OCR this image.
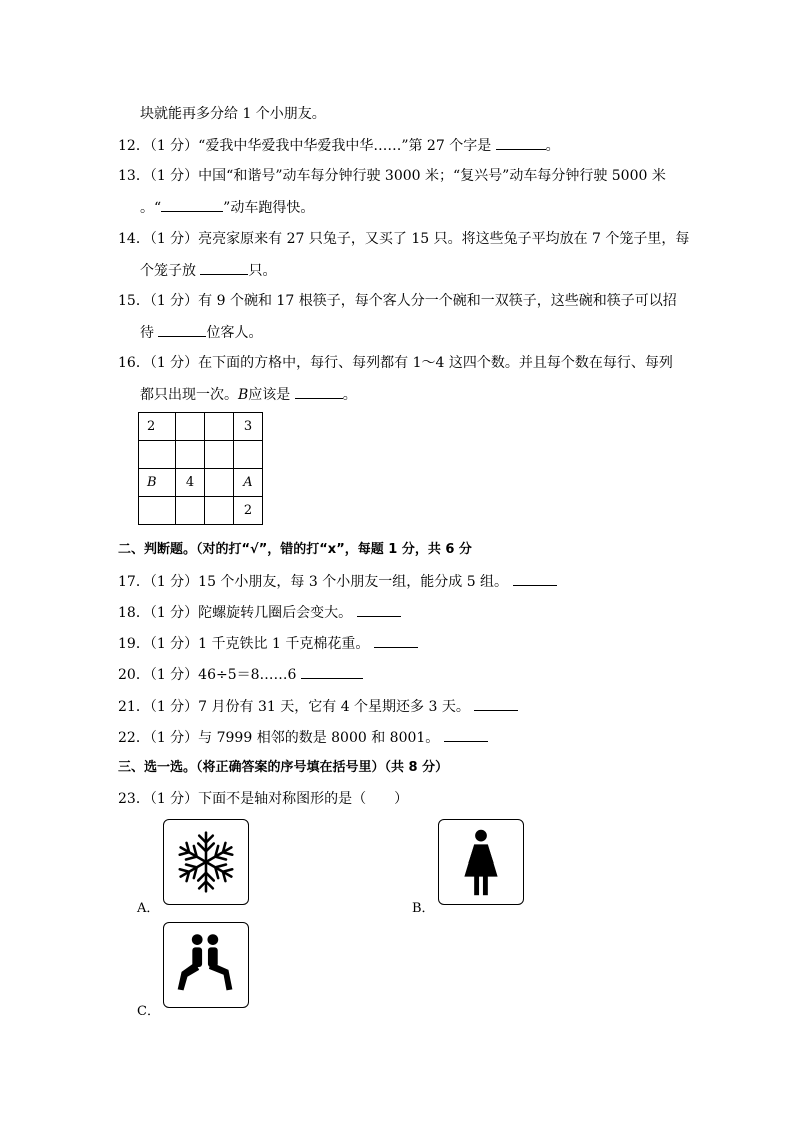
块就能再多分给 1 个小朋友。
12．（1 分）“爱我中华爱我中华爱我中华……”第 27 个字是	。
13．（1 分）中国“和谐号”动车每分钟行驶 3000 米；“复兴号”动车每分钟行驶 5000 米
。“	”动车跑得快。
14．（1 分）亮亮家原来有 27 只兔子，又买了 15 只。将这些兔子平均放在 7 个笼子里，每
个笼子放	只。
15．（1 分）有 9 个碗和 17 根筷子，每个客人分一个碗和一双筷子，这些碗和筷子可以招
待	位客人。
16．（1 分）在下面的方格中，每行、每列都有 1～4 这四个数。并且每个数在每行、每列
都只出现一次。B应该是	。
2			3

B	4		A
			2
二、判断题。（对的打“√”，错的打“x”，每题 1 分，共 6 分
17．（1 分）15 个小朋友，每 3 个小朋友一组，能分成 5 组。
18．（1 分）陀螺旋转几圈后会变大。
19．（1 分）1 千克铁比 1 千克棉花重。
20．（1 分）46÷5＝8……6
21．（1 分）7 月份有 31 天，它有 4 个星期还多 3 天。
22．（1 分）与 7999 相邻的数是 8000 和 8001。
三、选一选。（将正确答案的序号填在括号里）（共 8 分）
23．（1 分）下面不是轴对称图形的是（　　）
A．	B．
C．
